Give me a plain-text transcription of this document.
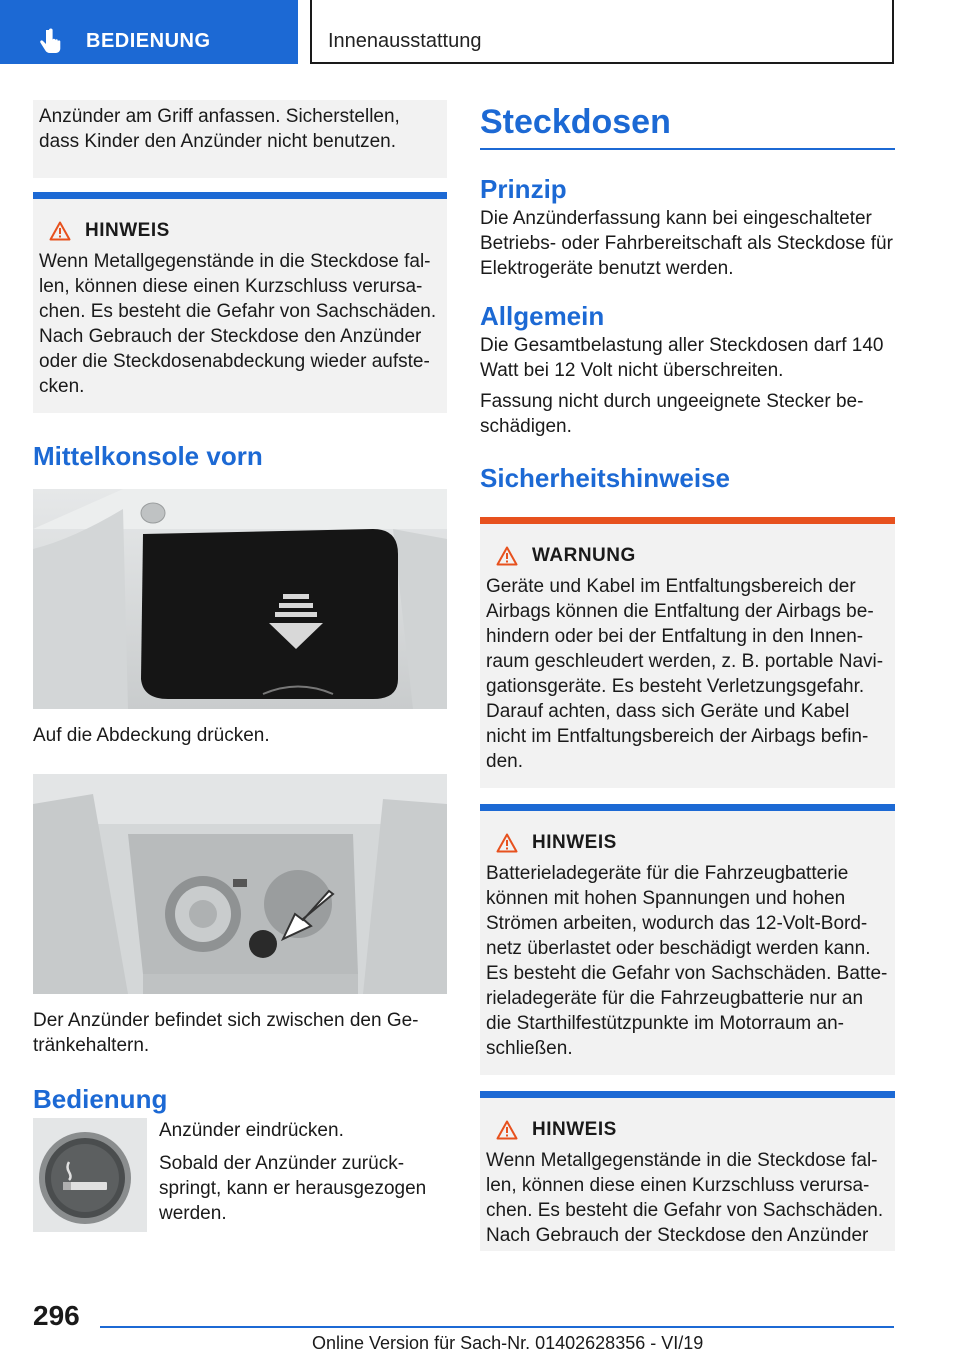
BEDIENUNG	Innenausstattung

Anzünder am Griff anfassen. Sicherstellen, dass Kinder den Anzünder nicht benutzen.

HINWEIS

Wenn Metallgegenstände in die Steckdose fal-len, können diese einen Kurzschluss verursa-chen. Es besteht die Gefahr von Sachschäden. Nach Gebrauch der Steckdose den Anzünder oder die Steckdosenabdeckung wieder aufste-cken.

Mittelkonsole vorn

Auf die Abdeckung drücken.

Der Anzünder befindet sich zwischen den Ge-tränkehaltern.

Bedienung

Anzünder eindrücken.

Sobald der Anzünder zurück-springt, kann er herausgezogen werden.

Steckdosen
Prinzip

Die Anzünderfassung kann bei eingeschalteter Betriebs- oder Fahrbereitschaft als Steckdose für Elektrogeräte benutzt werden.

Allgemein

Die Gesamtbelastung aller Steckdosen darf 140 Watt bei 12 Volt nicht überschreiten.

Fassung nicht durch ungeeignete Stecker be-schädigen.

Sicherheitshinweise
WARNUNG

Geräte und Kabel im Entfaltungsbereich der Airbags können die Entfaltung der Airbags be-hindern oder bei der Entfaltung in den Innen-raum geschleudert werden, z. B. portable Navi-gationsgeräte. Es besteht Verletzungsgefahr. Darauf achten, dass sich Geräte und Kabel nicht im Entfaltungsbereich der Airbags befin-den.

HINWEIS

Batterieladegeräte für die Fahrzeugbatterie können mit hohen Spannungen und hohen Strömen arbeiten, wodurch das 12-Volt-Bord-netz überlastet oder beschädigt werden kann. Es besteht die Gefahr von Sachschäden. Batte-rieladegeräte für die Fahrzeugbatterie nur an die Starthilfestützpunkte im Motorraum an-schließen.

HINWEIS

Wenn Metallgegenstände in die Steckdose fal-len, können diese einen Kurzschluss verursa-chen. Es besteht die Gefahr von Sachschäden. Nach Gebrauch der Steckdose den Anzünder

296
Online Version für Sach-Nr. 01402628356 - VI/19
